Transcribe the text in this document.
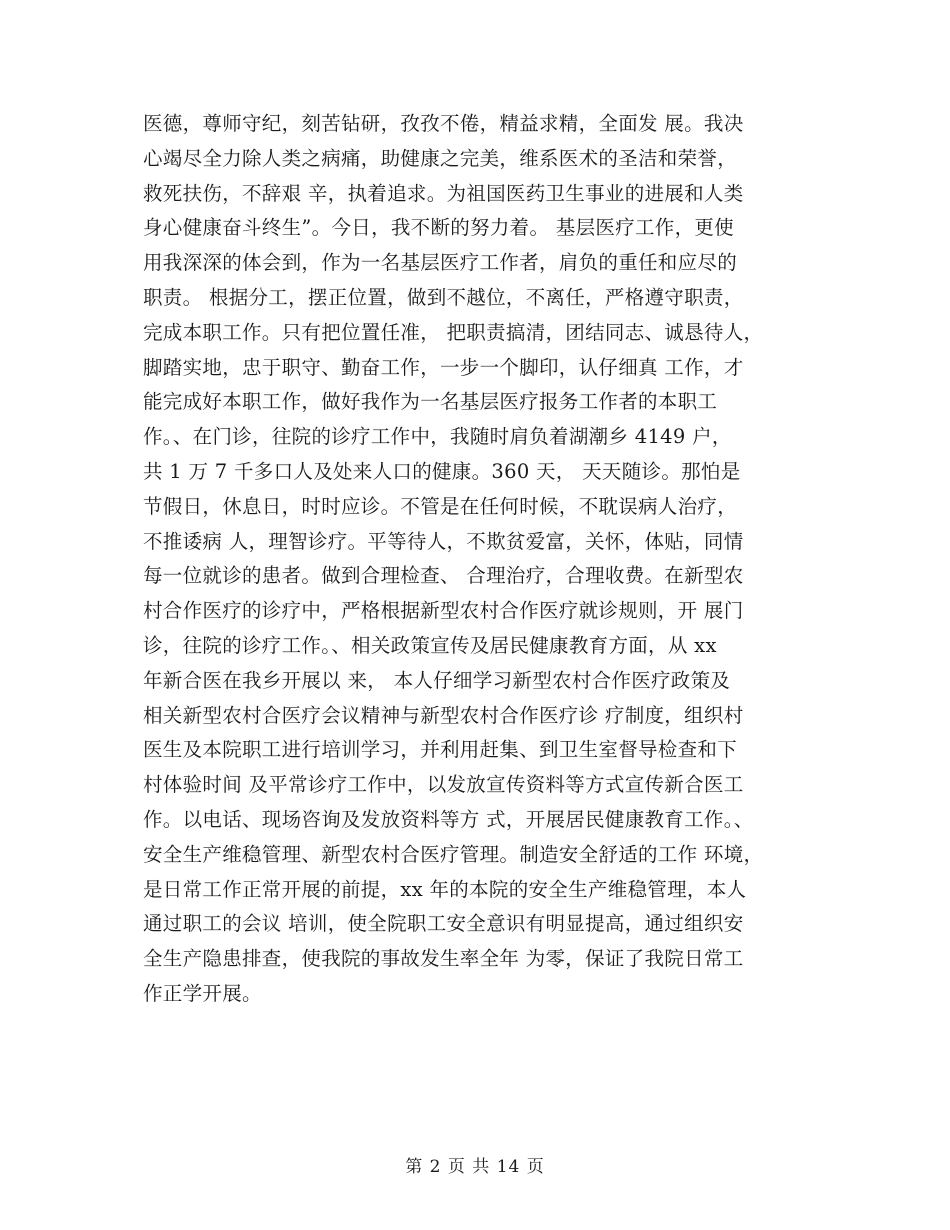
医德，尊师守纪，刻苦钻研，孜孜不倦，精益求精，全面发 展。我决
心竭尽全力除人类之病痛，助健康之完美，维系医术的圣洁和荣誉，
救死扶伤，不辞艰 辛，执着追求。为祖国医药卫生事业的进展和人类
身心健康奋斗终生”。今日，我不断的努力着。 基层医疗工作，更使
用我深深的体会到，作为一名基层医疗工作者，肩负的重任和应尽的
职责。 根据分工，摆正位置，做到不越位，不离任，严格遵守职责，
完成本职工作。只有把位置任准， 把职责搞清，团结同志、诚恳待人，
脚踏实地，忠于职守、勤奋工作，一步一个脚印，认仔细真 工作，才
能完成好本职工作，做好我作为一名基层医疗报务工作者的本职工
作。、在门诊，往院的诊疗工作中，我随时肩负着湖潮乡 4149 户，
共 1 万 7 千多口人及处来人口的健康。360 天， 天天随诊。那怕是
节假日，休息日，时时应诊。不管是在任何时候，不耽误病人治疗，
不推诿病 人，理智诊疗。平等待人，不欺贫爱富，关怀，体贴，同情
每一位就诊的患者。做到合理检查、 合理治疗，合理收费。在新型农
村合作医疗的诊疗中，严格根据新型农村合作医疗就诊规则，开 展门
诊，往院的诊疗工作。、相关政策宣传及居民健康教育方面，从 xx
年新合医在我乡开展以 来， 本人仔细学习新型农村合作医疗政策及
相关新型农村合医疗会议精神与新型农村合作医疗诊 疗制度，组织村
医生及本院职工进行培训学习，并利用赶集、到卫生室督导检查和下
村体验时间 及平常诊疗工作中，以发放宣传资料等方式宣传新合医工
作。以电话、现场咨询及发放资料等方 式，开展居民健康教育工作。、
安全生产维稳管理、新型农村合医疗管理。制造安全舒适的工作 环境，
是日常工作正常开展的前提，xx 年的本院的安全生产维稳管理，本人
通过职工的会议 培训，使全院职工安全意识有明显提高，通过组织安
全生产隐患排查，使我院的事故发生率全年 为零，保证了我院日常工
作正学开展。
第 2 页 共 14 页
